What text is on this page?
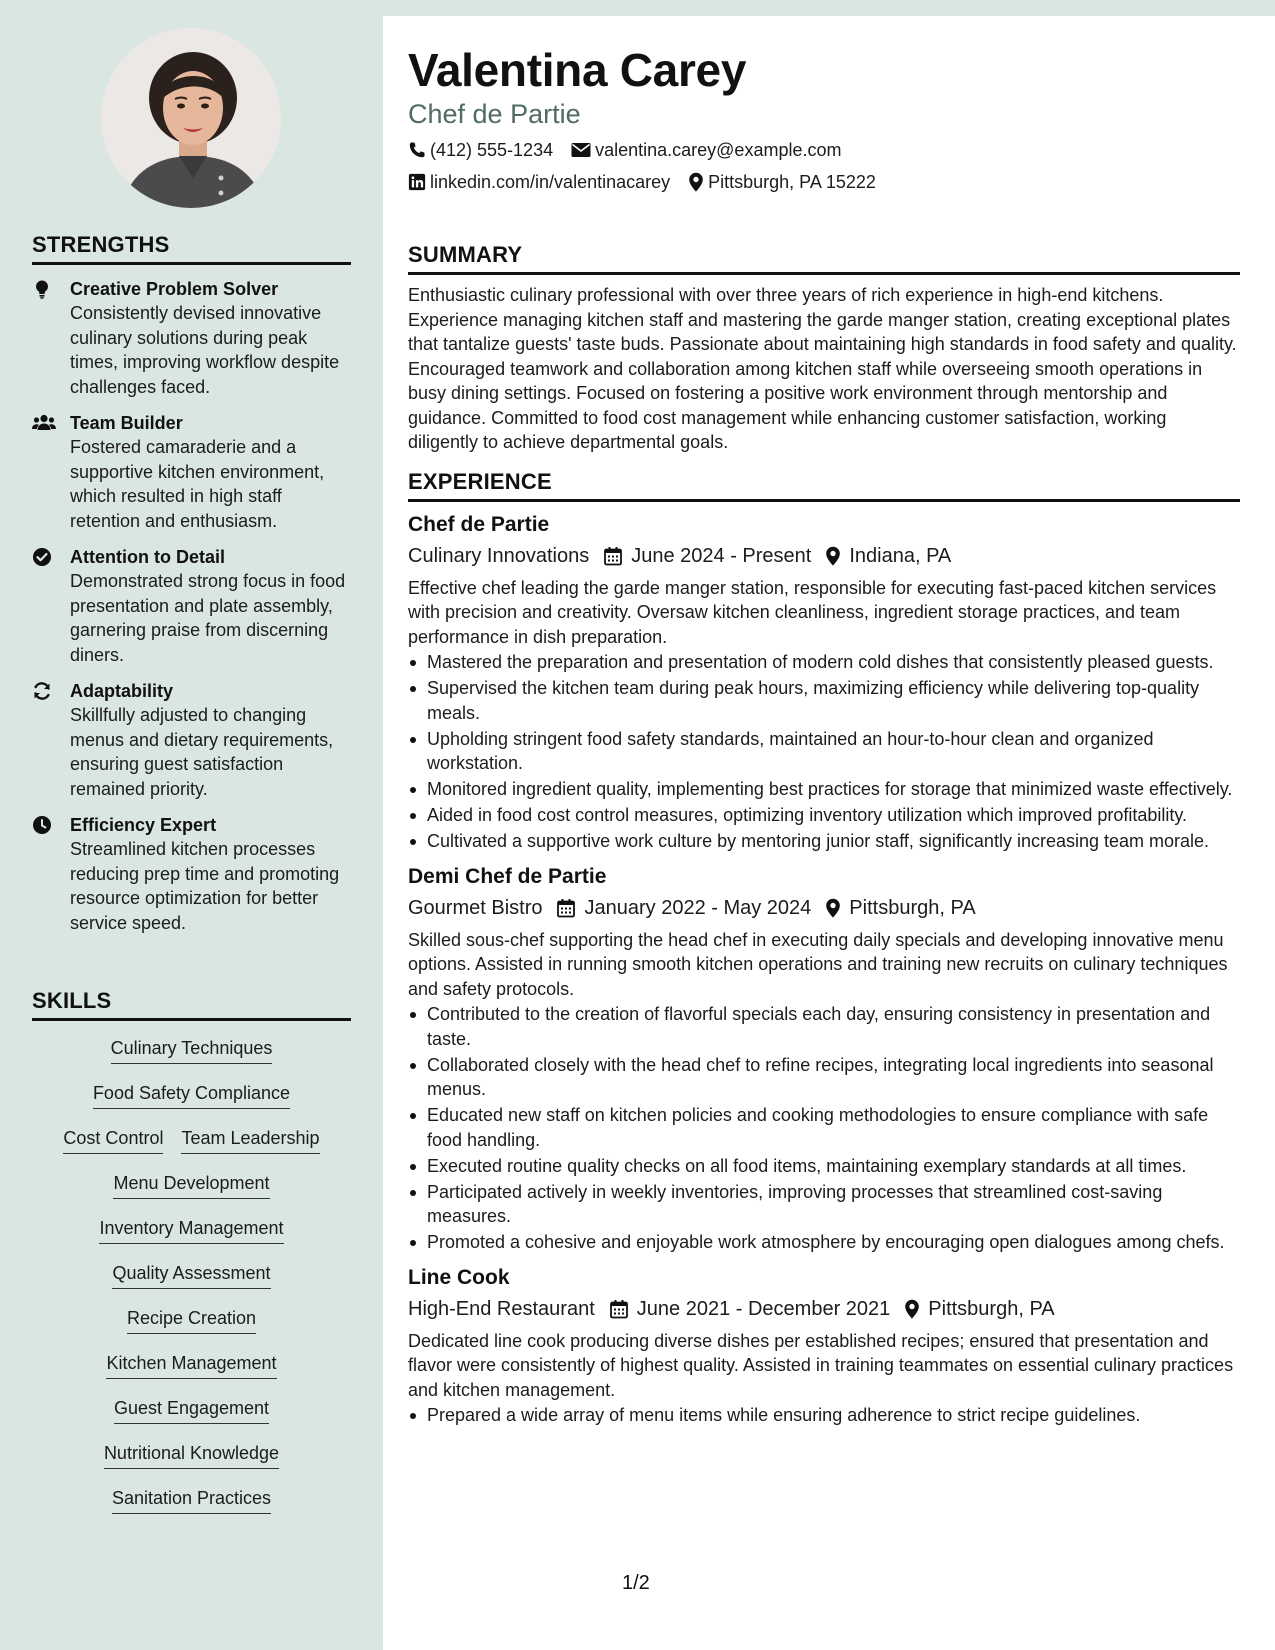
STRENGTHS
Creative Problem Solver
Consistently devised innovative culinary solutions during peak times, improving workflow despite challenges faced.
Team Builder
Fostered camaraderie and a supportive kitchen environment, which resulted in high staff retention and enthusiasm.
Attention to Detail
Demonstrated strong focus in food presentation and plate assembly, garnering praise from discerning diners.
Adaptability
Skillfully adjusted to changing menus and dietary requirements, ensuring guest satisfaction remained priority.
Efficiency Expert
Streamlined kitchen processes reducing prep time and promoting resource optimization for better service speed.
SKILLS
Culinary Techniques
Food Safety Compliance
Cost Control Team Leadership
Menu Development
Inventory Management
Quality Assessment
Recipe Creation
Kitchen Management
Guest Engagement
Nutritional Knowledge
Sanitation Practices
Valentina Carey
Chef de Partie
(412) 555-1234 valentina.carey@example.com
linkedin.com/in/valentinacarey Pittsburgh, PA 15222
SUMMARY
Enthusiastic culinary professional with over three years of rich experience in high-end kitchens. Experience managing kitchen staff and mastering the garde manger station, creating exceptional plates that tantalize guests' taste buds. Passionate about maintaining high standards in food safety and quality. Encouraged teamwork and collaboration among kitchen staff while overseeing smooth operations in busy dining settings. Focused on fostering a positive work environment through mentorship and guidance. Committed to food cost management while enhancing customer satisfaction, working diligently to achieve departmental goals.
EXPERIENCE
Chef de Partie
Culinary Innovations June 2024 - Present Indiana, PA
Effective chef leading the garde manger station, responsible for executing fast-paced kitchen services with precision and creativity. Oversaw kitchen cleanliness, ingredient storage practices, and team performance in dish preparation.
Mastered the preparation and presentation of modern cold dishes that consistently pleased guests.
Supervised the kitchen team during peak hours, maximizing efficiency while delivering top-quality meals.
Upholding stringent food safety standards, maintained an hour-to-hour clean and organized workstation.
Monitored ingredient quality, implementing best practices for storage that minimized waste effectively.
Aided in food cost control measures, optimizing inventory utilization which improved profitability.
Cultivated a supportive work culture by mentoring junior staff, significantly increasing team morale.
Demi Chef de Partie
Gourmet Bistro January 2022 - May 2024 Pittsburgh, PA
Skilled sous-chef supporting the head chef in executing daily specials and developing innovative menu options. Assisted in running smooth kitchen operations and training new recruits on culinary techniques and safety protocols.
Contributed to the creation of flavorful specials each day, ensuring consistency in presentation and taste.
Collaborated closely with the head chef to refine recipes, integrating local ingredients into seasonal menus.
Educated new staff on kitchen policies and cooking methodologies to ensure compliance with safe food handling.
Executed routine quality checks on all food items, maintaining exemplary standards at all times.
Participated actively in weekly inventories, improving processes that streamlined cost-saving measures.
Promoted a cohesive and enjoyable work atmosphere by encouraging open dialogues among chefs.
Line Cook
High-End Restaurant June 2021 - December 2021 Pittsburgh, PA
Dedicated line cook producing diverse dishes per established recipes; ensured that presentation and flavor were consistently of highest quality. Assisted in training teammates on essential culinary practices and kitchen management.
Prepared a wide array of menu items while ensuring adherence to strict recipe guidelines.
1/2
